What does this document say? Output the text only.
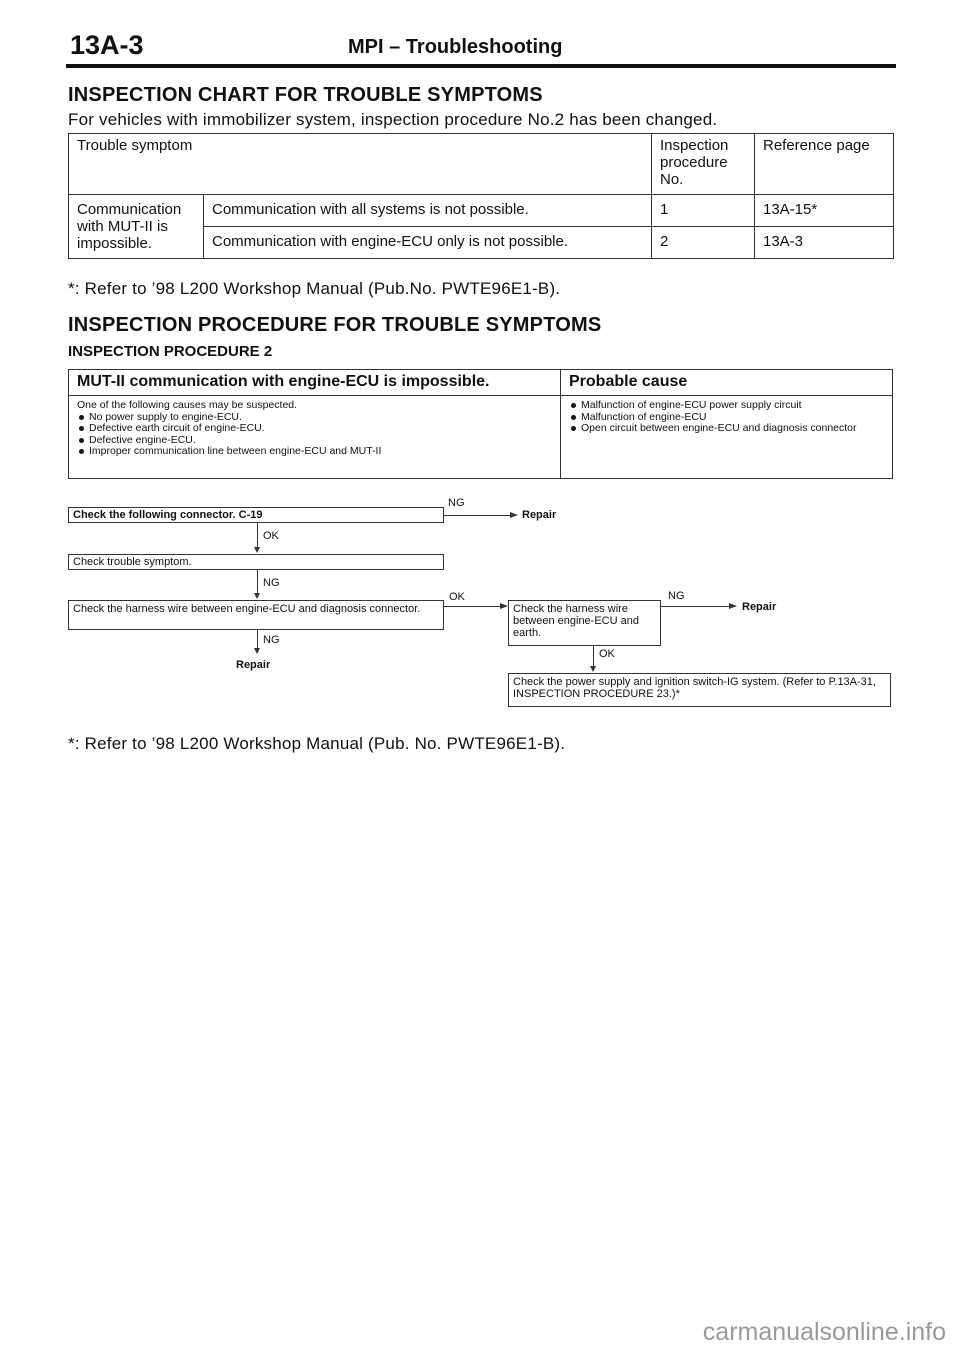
13A-3	MPI – Troubleshooting
INSPECTION CHART FOR TROUBLE SYMPTOMS
For vehicles with immobilizer system, inspection procedure No.2 has been changed.
Trouble symptom		Inspection procedure No.	Reference page
Communication with MUT-II is impossible.	Communication with all systems is not possible.	1	13A-15*
	Communication with engine-ECU only is not possible.	2	13A-3
*: Refer to ’98 L200 Workshop Manual (Pub.No. PWTE96E1-B).
INSPECTION PROCEDURE FOR TROUBLE SYMPTOMS
INSPECTION PROCEDURE 2
MUT-II communication with engine-ECU is impossible.
One of the following causes may be suspected.
No power supply to engine-ECU.
Defective earth circuit of engine-ECU.
Defective engine-ECU.
Improper communication line between engine-ECU and MUT-II
Probable cause
Malfunction of engine-ECU power supply circuit
Malfunction of engine-ECU
Open circuit between engine-ECU and diagnosis connector
Check the following connector. C-19
NG
Repair
OK
Check trouble symptom.
NG
Check the harness wire between engine-ECU and diagnosis connector.
OK
NG
Repair
Check the harness wire between engine-ECU and earth.
NG
Repair
OK
Check the power supply and ignition switch-IG system. (Refer to P.13A-31, INSPECTION PROCEDURE 23.)*
*: Refer to ’98 L200 Workshop Manual (Pub. No. PWTE96E1-B).
carmanualsonline.info
